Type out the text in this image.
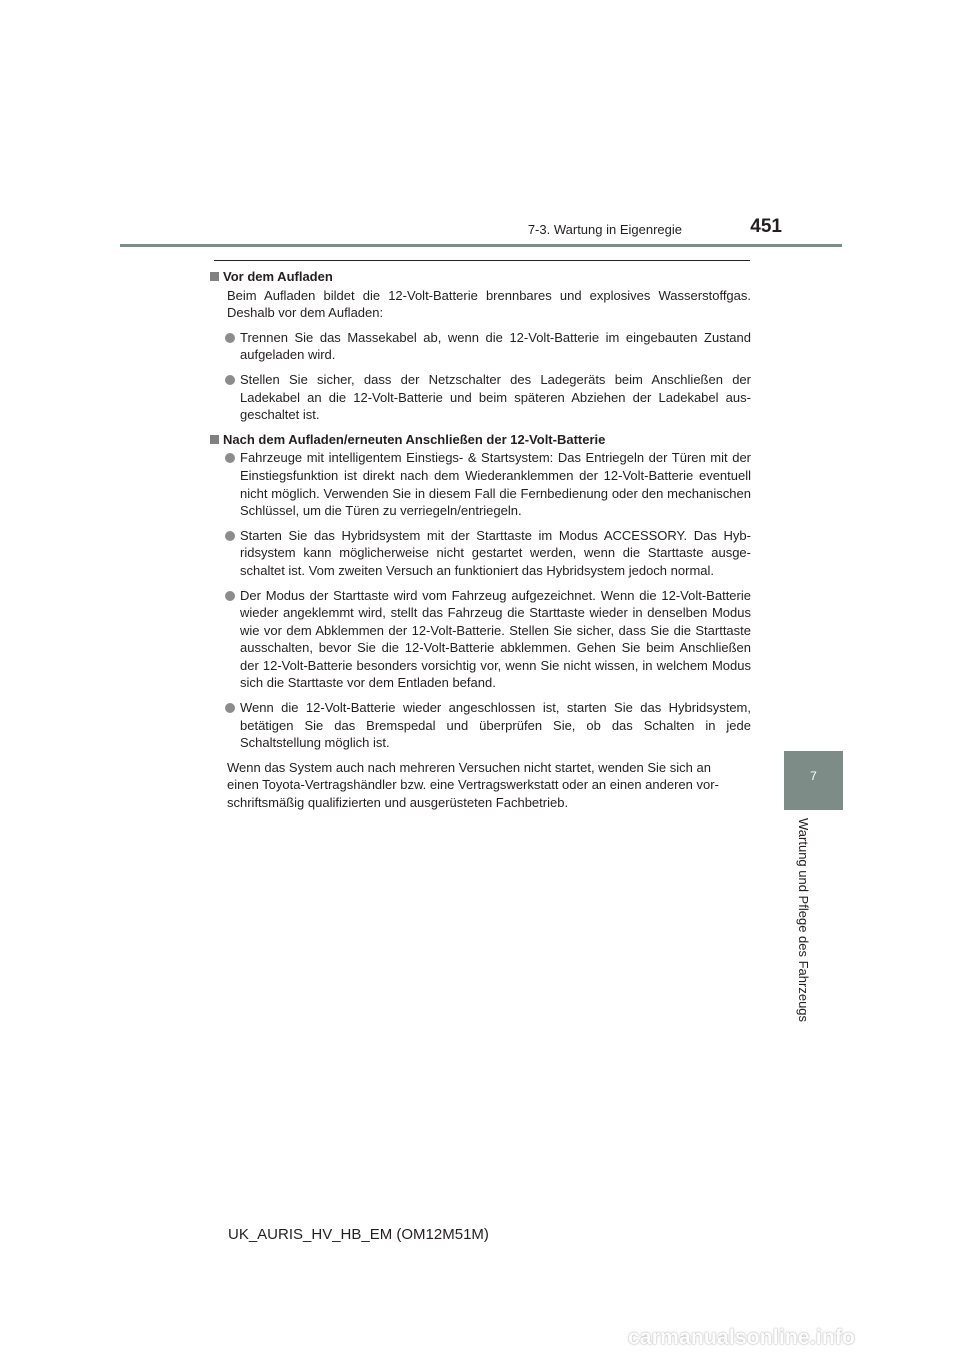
7-3. Wartung in Eigenregie	451
Vor dem Aufladen
Beim Aufladen bildet die 12-Volt-Batterie brennbares und explosives Wasserstoffgas. Deshalb vor dem Aufladen:
Trennen Sie das Massekabel ab, wenn die 12-Volt-Batterie im eingebauten Zustand aufgeladen wird.
Stellen Sie sicher, dass der Netzschalter des Ladegeräts beim Anschließen der Ladekabel an die 12-Volt-Batterie und beim späteren Abziehen der Ladekabel ausgeschaltet ist.
Nach dem Aufladen/erneuten Anschließen der 12-Volt-Batterie
Fahrzeuge mit intelligentem Einstiegs- & Startsystem: Das Entriegeln der Türen mit der Einstiegsfunktion ist direkt nach dem Wiederanklemmen der 12-Volt-Batterie eventuell nicht möglich. Verwenden Sie in diesem Fall die Fernbedienung oder den mechanischen Schlüssel, um die Türen zu verriegeln/entriegeln.
Starten Sie das Hybridsystem mit der Starttaste im Modus ACCESSORY. Das Hybridsystem kann möglicherweise nicht gestartet werden, wenn die Starttaste ausgeschaltet ist. Vom zweiten Versuch an funktioniert das Hybridsystem jedoch normal.
Der Modus der Starttaste wird vom Fahrzeug aufgezeichnet. Wenn die 12-Volt-Batterie wieder angeklemmt wird, stellt das Fahrzeug die Starttaste wieder in denselben Modus wie vor dem Abklemmen der 12-Volt-Batterie. Stellen Sie sicher, dass Sie die Starttaste ausschalten, bevor Sie die 12-Volt-Batterie abklemmen. Gehen Sie beim Anschließen der 12-Volt-Batterie besonders vorsichtig vor, wenn Sie nicht wissen, in welchem Modus sich die Starttaste vor dem Entladen befand.
Wenn die 12-Volt-Batterie wieder angeschlossen ist, starten Sie das Hybridsystem, betätigen Sie das Bremspedal und überprüfen Sie, ob das Schalten in jede Schaltstellung möglich ist.
Wenn das System auch nach mehreren Versuchen nicht startet, wenden Sie sich an einen Toyota-Vertragshändler bzw. eine Vertragswerkstatt oder an einen anderen vorschriftsmäßig qualifizierten und ausgerüsteten Fachbetrieb.
7
Wartung und Pflege des Fahrzeugs
UK_AURIS_HV_HB_EM (OM12M51M)
carmanualsonline.info
